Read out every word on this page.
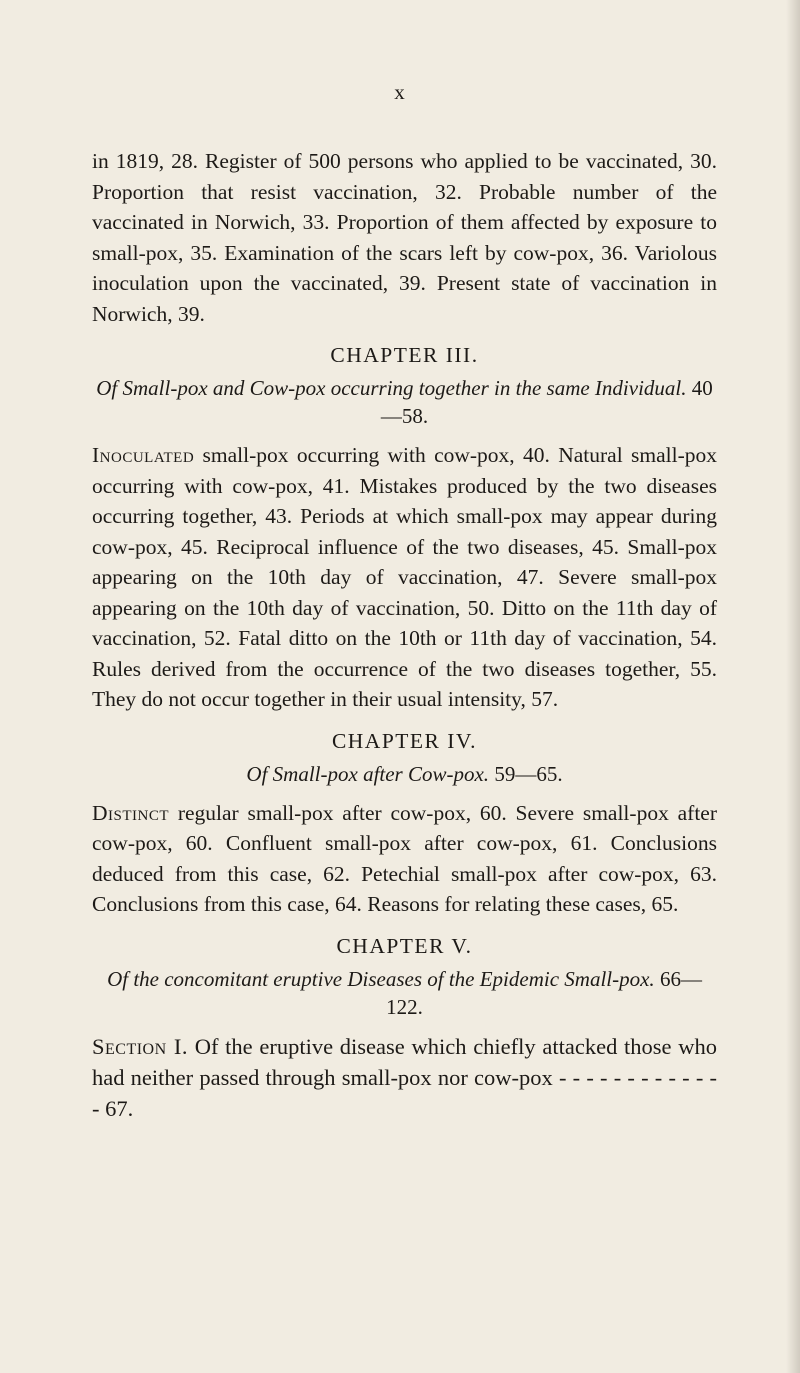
x

in 1819, 28. Register of 500 persons who applied to be vaccinated, 30. Proportion that resist vaccination, 32. Probable number of the vaccinated in Norwich, 33. Proportion of them affected by exposure to small-pox, 35. Examination of the scars left by cow-pox, 36. Variolous inoculation upon the vaccinated, 39. Present state of vaccination in Norwich, 39.

CHAPTER III.
Of Small-pox and Cow-pox occurring together in the same Individual. 40—58.

Inoculated small-pox occurring with cow-pox, 40. Natural small-pox occurring with cow-pox, 41. Mistakes produced by the two diseases occurring together, 43. Periods at which small-pox may appear during cow-pox, 45. Reciprocal influence of the two diseases, 45. Small-pox appearing on the 10th day of vaccination, 47. Severe small-pox appearing on the 10th day of vaccination, 50. Ditto on the 11th day of vaccination, 52. Fatal ditto on the 10th or 11th day of vaccination, 54. Rules derived from the occurrence of the two diseases together, 55. They do not occur together in their usual intensity, 57.

CHAPTER IV.
Of Small-pox after Cow-pox. 59—65.

Distinct regular small-pox after cow-pox, 60. Severe small-pox after cow-pox, 60. Confluent small-pox after cow-pox, 61. Conclusions deduced from this case, 62. Petechial small-pox after cow-pox, 63. Conclusions from this case, 64. Reasons for relating these cases, 65.

CHAPTER V.
Of the concomitant eruptive Diseases of the Epidemic Small-pox. 66—122.

Section I. Of the eruptive disease which chiefly attacked those who had neither passed through small-pox nor cow-pox - - - - - - - - - - - - - 67.
